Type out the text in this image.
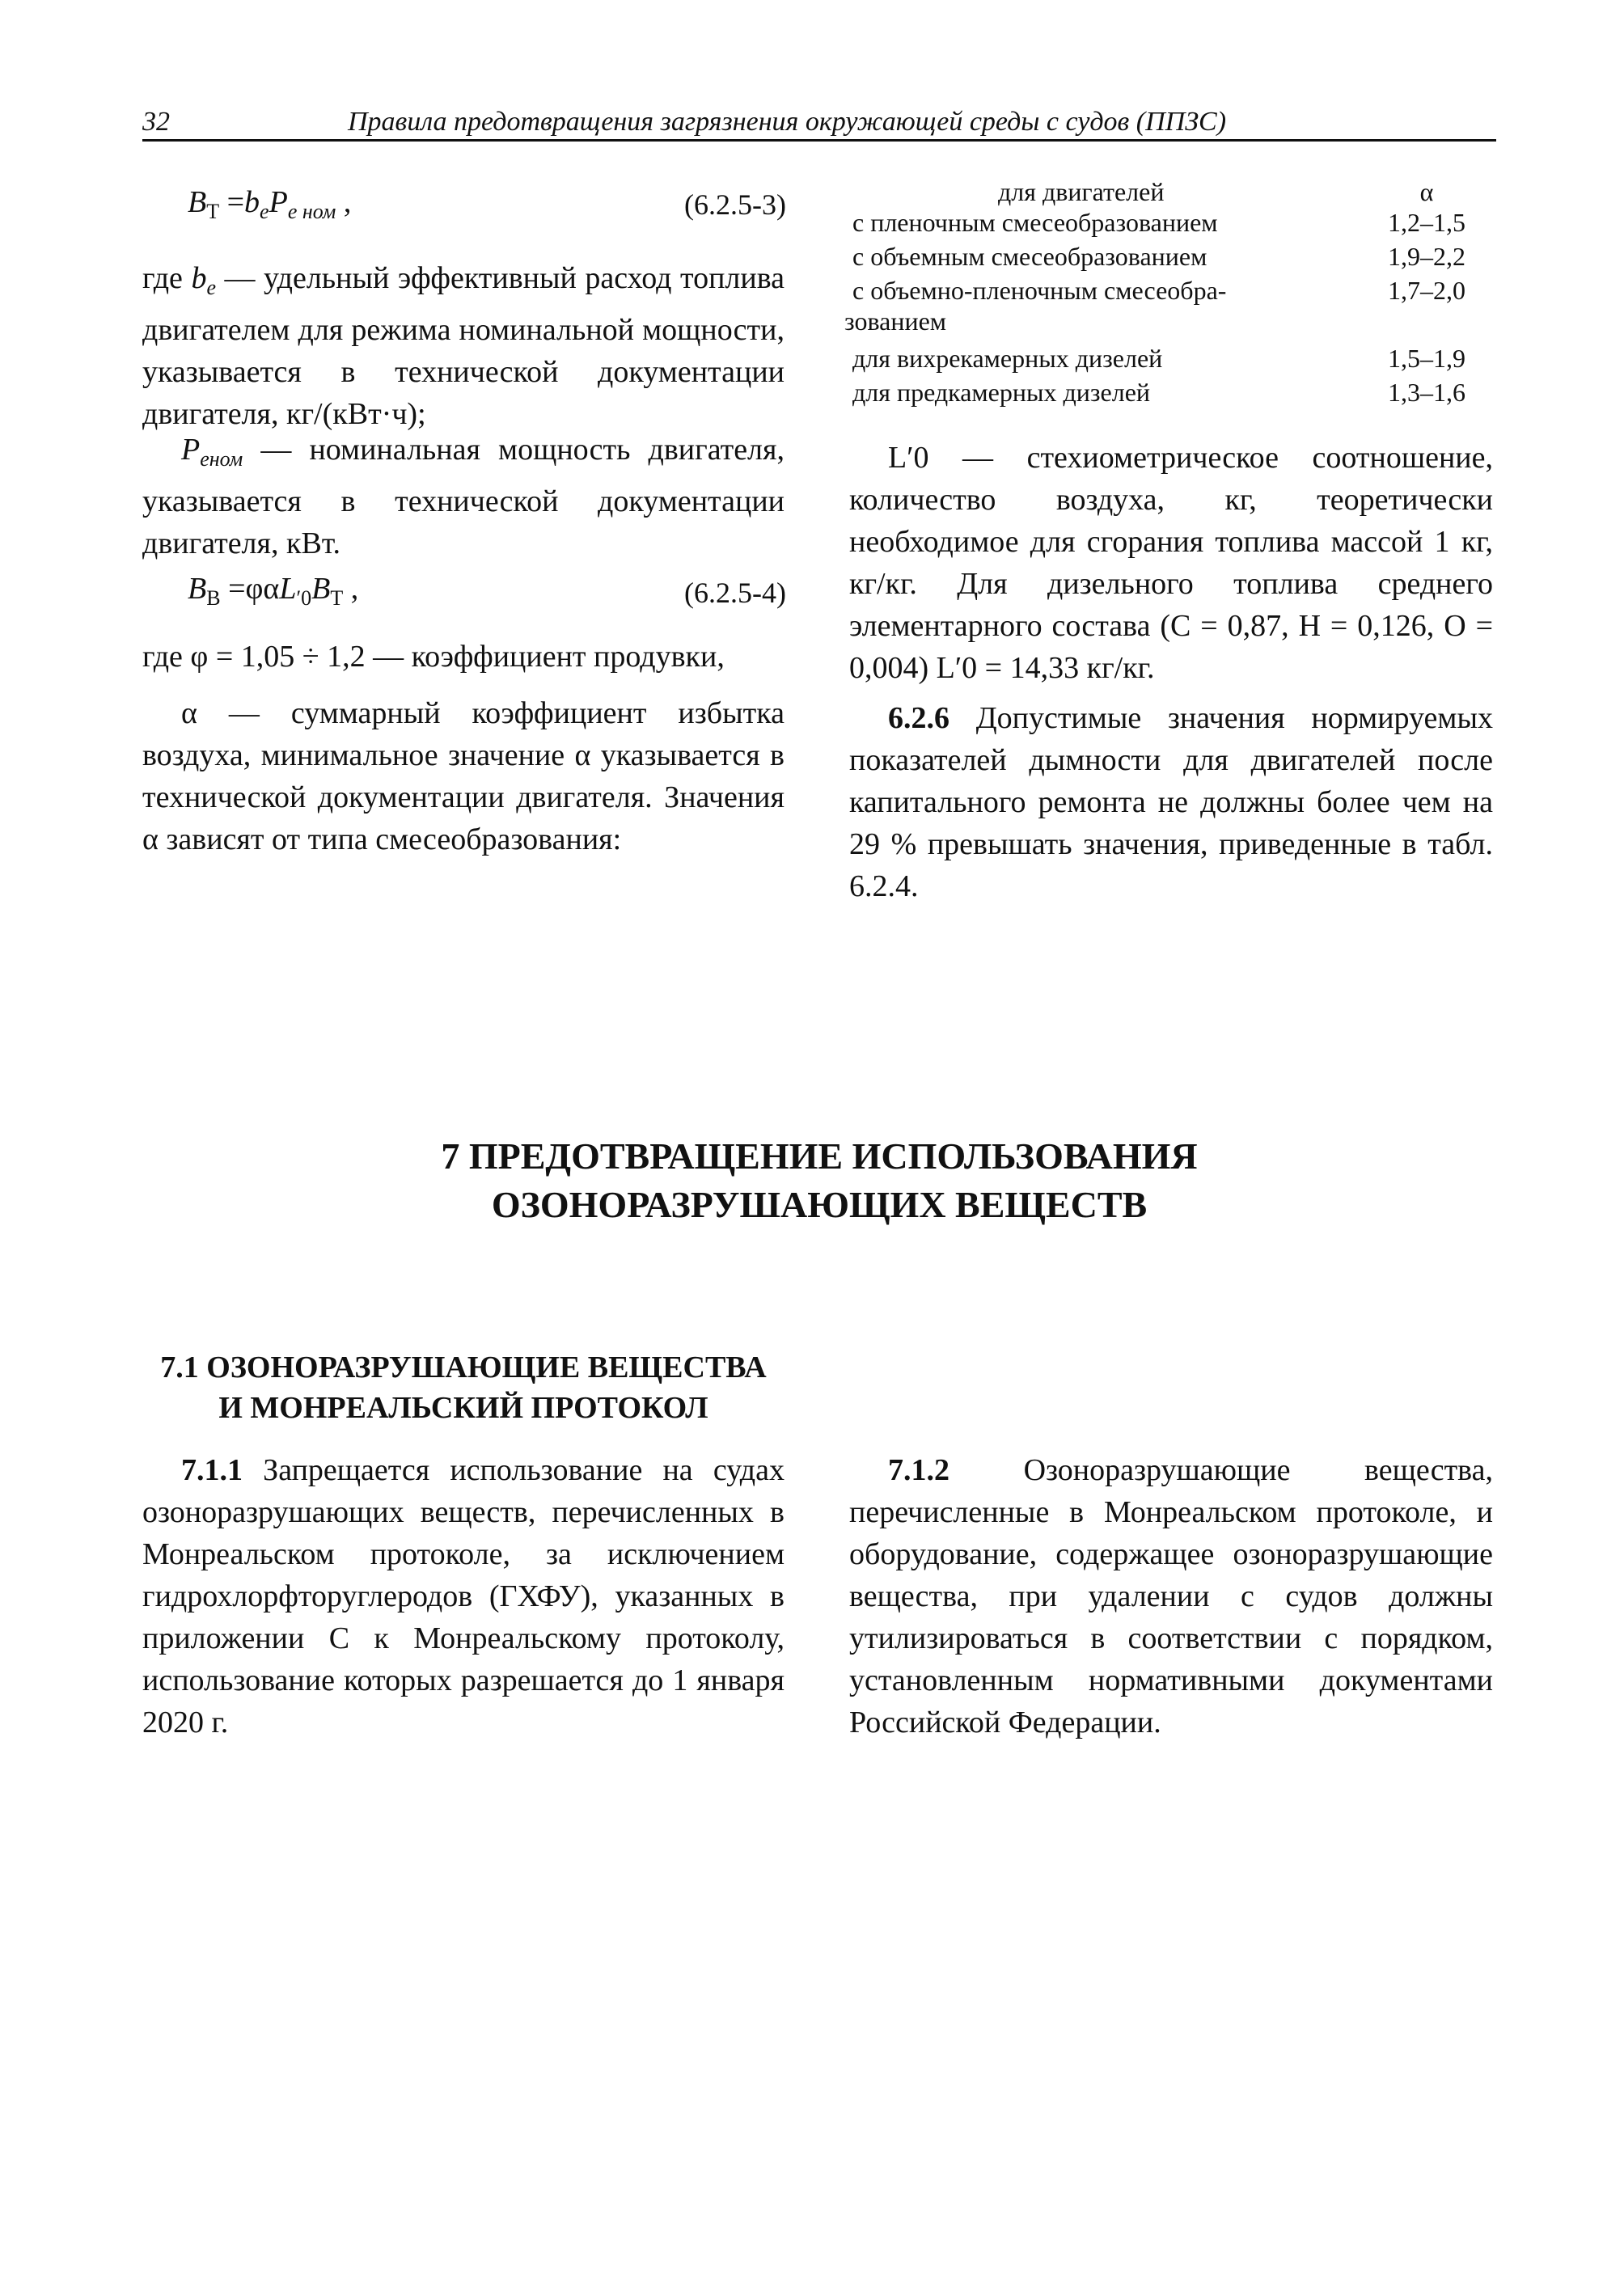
32	Правила предотвращения загрязнения окружающей среды с судов (ППЗС)
$B_Т =b_eP_{e ном}$ ,	(6.2.5-3)
где $b_e$ — удельный эффективный расход топлива двигателем для режима номинальной мощности, указывается в технической документации двигателя, кг/(кВт·ч);
$P_{eном}$ — номинальная мощность двигателя, указывается в технической документации двигателя, кВт.
$B_В =\varphi\alpha L_{'0}B_Т$ ,	(6.2.5-4)
где φ = 1,05 ÷ 1,2 — коэффициент продувки,
α — суммарный коэффициент избытка воздуха, минимальное значение α указывается в технической документации двигателя. Значения α зависят от типа смесеобразования:
для двигателей	α
с пленочным смесеобразованием	1,2–1,5
с объемным смесеобразованием	1,9–2,2
с объемно-пленочным смесеобра-	1,7–2,0
зованием
для вихрекамерных дизелей	1,5–1,9
для предкамерных дизелей	1,3–1,6
L′0 — стехиометрическое соотношение, количество воздуха, кг, теоретически необходимое для сгорания топлива массой 1 кг, кг/кг. Для дизельного топлива среднего элементарного состава (С = 0,87, Н = 0,126, О = 0,004) L′0 = 14,33 кг/кг.
6.2.6 Допустимые значения нормируемых показателей дымности для двигателей после капитального ремонта не должны более чем на 29 % превышать значения, приведенные в табл. 6.2.4.
7 ПРЕДОТВРАЩЕНИЕ ИСПОЛЬЗОВАНИЯ
ОЗОНОРАЗРУШАЮЩИХ ВЕЩЕСТВ
7.1 ОЗОНОРАЗРУШАЮЩИЕ ВЕЩЕСТВА
И МОНРЕАЛЬСКИЙ ПРОТОКОЛ
7.1.1 Запрещается использование на судах озоноразрушающих веществ, перечисленных в Монреальском протоколе, за исключением гидрохлорфторуглеродов (ГХФУ), указанных в приложении С к Монреальскому протоколу, использование которых разрешается до 1 января 2020 г.
7.1.2 Озоноразрушающие вещества, перечисленные в Монреальском протоколе, и оборудование, содержащее озоноразрушающие вещества, при удалении с судов должны утилизироваться в соответствии с порядком, установленным нормативными документами Российской Федерации.
